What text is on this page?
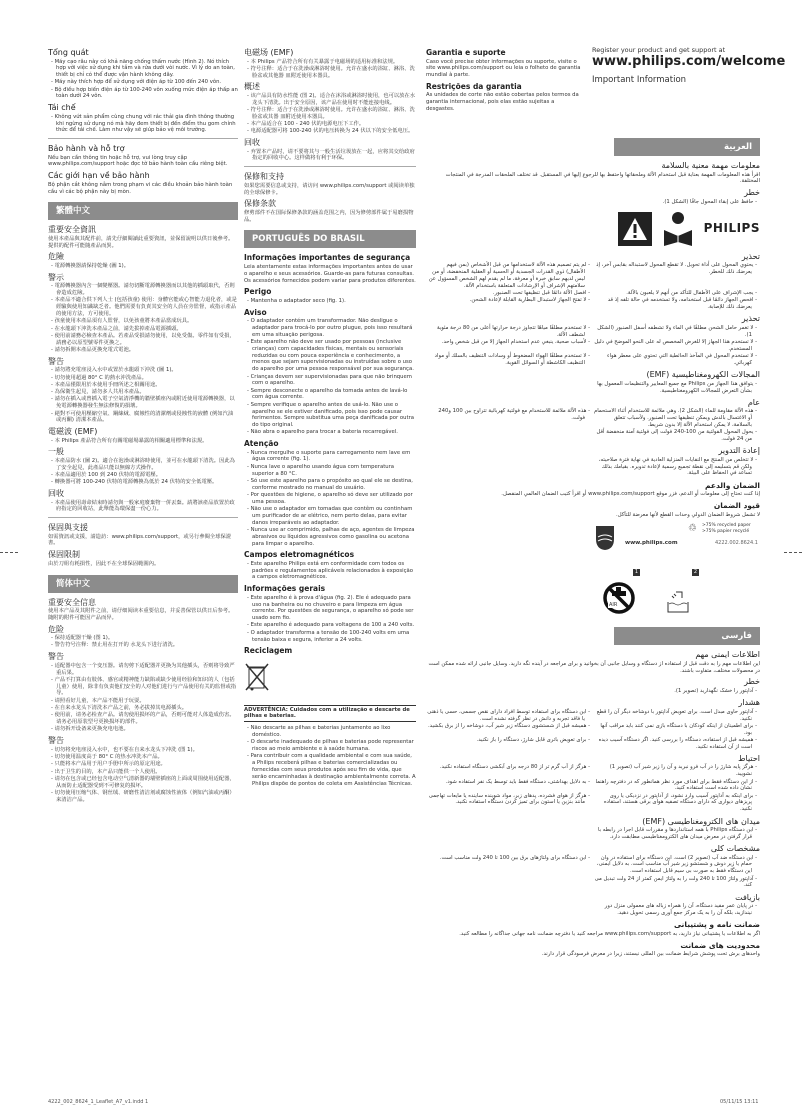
Tổng quát
- Máy cạo râu này có khả năng chống thấm nước (Hình 2). Nó thích hợp với việc sử dụng khi tắm và rửa dưới vòi nước. Vì lý do an toàn, thiết bị chỉ có thể được vận hành không dây.
- Máy này thích hợp để sử dụng với điện áp từ 100 đến 240 vôn.
- Bộ điều hợp biến điện áp từ 100-240 vôn xuống mức điện áp thấp an toàn dưới 24 vôn.
Tái chế
- Không vứt sản phẩm cùng chung với rác thải gia đình thông thường khi ngừng sử dụng nó mà hãy đem thiết bị đến điểm thu gom chính thức để tái chế. Làm như vậy sẽ giúp bảo vệ môi trường.
Bảo hành và hỗ trợ

Nếu bạn cần thông tin hoặc hỗ trợ, vui lòng truy cập www.philips.com/support hoặc đọc tờ bảo hành toàn cầu riêng biệt.

Các giới hạn về bảo hành

Bộ phận cắt không nằm trong phạm vi các điều khoản bảo hành toàn cầu vì các bộ phận này bị mòn.

繁體中文
重要安全資訊

使用本產品與其配件前，請先仔細閱讀此重要資訊，並保留說明以供日後參考。提供的配件可能隨產品而異。

危險
- 電源轉換器請保持乾燥 (圖 1)。
警示
- 電源轉換器內含一個變壓器。請勿切斷電源轉換器而以其他的插頭取代，否則會造成危險。
- 本產品不適合供下列人士 (包括孩童) 使用：身體官能或心智能力退化者，或是經驗與使用知識缺乏者。他們需要有負責其安全的人員在旁監督，或指示產品的使用方法，方可使用。
- 孩童使用本產品須有人監督，以免孩童將本產品當成玩具。
- 在水龍頭下沖洗本產品之前，請先拔掉產品電源插頭。
- 使用前請務必檢查本產品。若產品受損請勿使用，以免受傷。零件如有受損，請務必以原型號零件更換之。
- 請勿拆開本產品更換充電式電池。
警告
- 請勿將充電座浸入水中或置於水龍頭下沖洗 (圖 1)。
- 切勿使用超過 80° C 的熱水沖洗產品。
- 本產品僅限用於本使用手冊所述之相關用途。
- 為保衛生起見，請勿多人共用本產品。
- 請勿在插入或曾插入電子空氣清淨機的牆壁插座內或附近使用電源轉換器，以免電源轉換器發生無法修復的損壞。
- 絕對不可使用壓縮空氣、鋼絲絨、腐蝕性的清潔劑或侵蝕性的液體 (例如汽油或丙酮) 清潔本產品。
電磁波 (EMF)
- 本 Philips 產品符合所有有關電磁場暴露的相關適用標準和法規。
一般
- 本產品防水 (圖 2)。適合在泡澡或淋浴時使用，並可在水龍頭下清洗。因此為了安全起見，此產品只能以無線方式操作。
- 本產品適用於 100 到 240 伏特的電源電壓。
- 轉換器可將 100-240 伏特的電源轉換為低於 24 伏特的安全低電壓。
回收
- 本產品使用壽命結束時請勿與一般家庭廢棄物一併丟棄。請將該產品放置於政府指定的回收站，此舉能為環保盡一份心力。
保固與支援

如需資訊或支援，請造訪：www.philips.com/support，或另行參閱全球保證書。

保固限制

由於刀組有耗損性，因此不在全球保固範圍內。

简体中文
重要安全信息

使用本产品及其附件之前，请仔细阅读本重要信息，并妥善保管以供日后参考。随附的附件可能因产品而异。

危险
- 保持适配器干燥 (图 1)。
- 警告符号注释：禁止用在打开的 水龙头下进行清洗。
警告
- 适配器中包含一个变压器。请勿剪下适配器并更换为其他插头，否则将导致严重后果。
- 产品不打算由有肢体、感官或精神能力缺陷或缺少使用经验和知识的人（包括儿童）使用，除非有负责他们安全的人对他们进行与产品使用有关的监督或指导。
- 请照看好儿童，本产品不能用于玩耍。
- 在自来水龙头下清洗本产品之前，务必拔掉其电源插头。
- 使用前，请务必检查产品。请勿使用损坏的产品，否则可能对人体造成伤害。请务必用原装型号更换损坏的部件。
- 请勿拆开设备来更换充电电池。
警告
- 切勿将充电座浸入水中，也不要在自来水龙头下冲洗 (图 1)。
- 切勿使用温度高于 80° C 的热水冲洗本产品。
- 只能将本产品用于用户手册中所示的原定用途。
- 出于卫生的目的，本产品只能供一个人使用。
- 请勿在包含或已经包含电动空气清新器的墙壁插座的上面或周围使用适配器，从而防止适配器受到不可修复的损坏。
- 切勿使用压缩气体、钢丝绒、研磨性清洁剂或腐蚀性液体（例如汽油或丙酮）来清洁产品。
电磁场 (EMF)
- 本 Philips 产品符合所有有关暴露于电磁场的适用标准和法规。
- 符号注释：适合于在洗澡或淋浴时使用。允许在盛水的浴缸、淋浴、洗脸盆或其他器 皿附近使用本器具。
概述
- 该产品具有防水性能 (图 2)。适合在沐浴或淋浴时使用，也可以放在水龙头下清洗。出于安全原因，该产品在使用时不能连接电线。
- 符号注释：适合于在洗澡或淋浴时使用。允许在盛水的浴缸、淋浴、洗脸盆或其器 皿附近使用本器具。
- 本产品适合在 100 - 240 伏的电源电压下工作。
- 电源适配器可将 100-240 伏的电压转换为 24 伏以下的安全低电压。
回收
- 弃置本产品时，请不要将其与一般生活垃圾放在一起，应将其交给政府指定的回收中心。这样做将有利于环保。
保修和支持

如果您需要信息或支持，请访问 www.philips.com/support 或阅读单独的全球保修卡。

保修条款

修剪部件不在国际保修条款的涵盖范围之内，因为修剪部件属于易磨损物品。

PORTUGUÊS DO BRASIL
Informações importantes de segurança

Leia atentamente estas informações importantes antes de usar o aparelho e seus acessórios. Guarde-as para futuras consultas. Os acessórios fornecidos podem variar para produtos diferentes.

Perigo
- Mantenha o adaptador seco (fig. 1).
Aviso
- O adaptador contém um transformador. Não desligue o adaptador para trocá-lo por outro plugue, pois isso resultará em uma situação perigosa.
- Este aparelho não deve ser usado por pessoas (inclusive crianças) com capacidades físicas, mentais ou sensoriais reduzidas ou com pouca experiência e conhecimento, a menos que sejam supervisionadas ou instruídas sobre o uso do aparelho por uma pessoa responsável por sua segurança.
- Crianças devem ser supervisionadas para que não brinquem com o aparelho.
- Sempre desconecte o aparelho da tomada antes de lavá-lo com água corrente.
- Sempre verifique o aparelho antes de usá-lo. Não use o aparelho se ele estiver danificado, pois isso pode causar ferimentos. Sempre substitua uma peça danificada por outra do tipo original.
- Não abra o aparelho para trocar a bateria recarregável.
Atenção
- Nunca mergulhe o suporte para carregamento nem lave em água corrente (fig. 1).
- Nunca lave o aparelho usando água com temperatura superior a 80 °C.
- Só use este aparelho para o propósito ao qual ele se destina, conforme mostrado no manual do usuário.
- Por questões de higiene, o aparelho só deve ser utilizado por uma pessoa.
- Não use o adaptador em tomadas que contêm ou continham um purificador de ar elétrico, nem perto delas, para evitar danos irreparáveis ao adaptador.
- Nunca use ar comprimido, palhas de aço, agentes de limpeza abrasivos ou líquidos agressivos como gasolina ou acetona para limpar o aparelho.
Campos eletromagnéticos
- Este aparelho Philips está em conformidade com todos os padrões e regulamentos aplicáveis relacionados à exposição a campos eletromagnéticos.
Informações gerais
- Este aparelho é à prova d'água (fig. 2). Ele é adequado para uso na banheira ou no chuveiro e para limpeza em água corrente. Por questões de segurança, o aparelho só pode ser usado sem fio.
- Este aparelho é adequado para voltagens de 100 a 240 volts.
- O adaptador transforma a tensão de 100-240 volts em uma tensão baixa e segura, inferior a 24 volts.
Reciclagem
ADVERTÊNCIA: Cuidados com a utilização e descarte de pilhas e baterias.
- Não descarte as pilhas e baterias juntamente ao lixo doméstico.
- O descarte inadequado de pilhas e baterias pode representar riscos ao meio ambiente e à saúde humana.
- Para contribuir com a qualidade ambiental e com sua saúde, a Philips receberá pilhas e baterias comercializadas ou fornecidas com seus produtos após seu fim de vida, que serão encaminhadas à destinação ambientalmente correta. A Philips dispõe de pontos de coleta em Assistências Técnicas.
Garantia e suporte

Caso você precise obter informações ou suporte, visite o site www.philips.com/support ou leia o folheto de garantia mundial à parte.

Restrições da garantia

As unidades de corte não estão cobertas pelos termos da garantia internacional, pois elas estão sujeitas a desgastes.

Register your product and get support at
www.philips.com/welcome
Important Information
العربية
معلومات مهمة معنية بالسلامة

اقرأ هذه المعلومات المهمة بعناية قبل استخدام الآلة وملحقاتها واحتفظ بها للرجوع إليها في المستقبل. قد تختلف الملحقات المدرجة في المنتجات المختلفة.

خطر
- حافظ على إبقاء المحول جافًا (الشكل 1).
PHILIPS
تحذير
- يحتوي المحول على أداة تحويل. لا تقطع المحول لاستبداله بقابس آخر، إذ يعرضك ذلك للخطر.- لم يتم تصميم هذه الآلة لاستخدامها من قبل الأشخاص (بمن فيهم الأطفال) ذوي القدرات الجسدية أو الحسية أو العقلية المنخفضة، أو من ليس لديهم سابق خبرة أو معرفة، ما لم يقدم لهم الشخص المسؤول عن سلامتهم الإشراف أو الإرشادات المتعلقة باستخدام الآلة.- يجب الإشراف على الأطفال للتأكد من أنهم لا يلعبون بالآلة.- افصل الآلة دائمًا قبل تنظيفها تحت الصنبور.- افحص الجهاز دائمًا قبل استخدامه، ولا تستخدمه في حالة تلفه إذ قد يعرضك ذلك للإصابة.- لا تفتح الجهاز لاستبدال البطارية القابلة لإعادة الشحن.
تحذير
- لا تغمر حامل الشحن مطلقًا في الماء ولا تشطفه أسفل الصنبور (الشكل 1).- لا تستخدم مطلقًا مياهًا تتجاوز درجة حرارتها أعلى من 80 درجة مئوية لشطف الآلة.- لا تستخدم هذا الجهاز إلا للغرض المخصص له على النحو الموضح في دليل المستخدم.- لأسباب صحية، ينبغي عدم استخدام الجهاز إلا من قبل شخص واحد.- لا تستخدم المحول في المآخذ الحائطية التي تحتوي على معطر هواء كهربائي.- لا تستخدم مطلقًا الهواء المضغوط أو وسادات التنظيف بالسلك أو مواد التنظيف الكاشطة أو السوائل القوية.
المجالات الكهرومغناطيسية (EMF)
- يتوافق هذا الجهاز من Philips مع جميع المعايير والتنظيمات المعمول بها بشأن التعرض للمجالات الكهرومغناطيسية.
عام
- هذه الآلة مقاومة للماء (الشكل 2). وهي ملائمة للاستخدام أثناء الاستحمام أو الاغتسال بالدش ويمكن تنظيفها تحت الصنبور. ولأسباب تتعلق بالسلامة، لا يمكن استخدام الآلة إلا بدون شريط.- هذه الآلة ملائمة للاستخدام مع فولتية كهربائية تتراوح بين 100 و240 فولت.- يحول المحول الفولتية من 100-240 فولت إلى فولتية آمنة منخفضة أقل من 24 فولت.
إعادة التدوير
- لا تتخلص من المنتج مع النفايات المنزلية العادية في نهاية فترة صلاحيته، ولكن قم بتسليمه إلى نقطة تجميع رسمية لإعادة تدويره. بقيامك بذلك تساعد في الحفاظ على البيئة.
الضمان والدعم

إذا كنت تحتاج إلى معلومات أو الدعم، فزر موقع www.philips.com/support أو اقرأ كتيب الضمان العالمي المنفصل.

قيود الضمان

لا تشمل شروط الضمان الدولي وحدات القطع لأنها معرضة للتآكل.

www.philips.com
♲ >75% recycled paper
>75% papier recyclé
4222.002.8624.1
1	2
AIR
فارسی
اطلاعات ایمنی مهم

این اطلاعات مهم را به دقت قبل از استفاده از دستگاه و وسایل جانبی آن بخوانید و برای مراجعه در آینده نگه دارید. وسایل جانبی ارائه شده ممکن است در محصولات مختلف، متفاوت باشند.

خطر
- آداپتور را خشک نگهدارید (تصویر 1).
هشدار
- آداپتور حاوی مبدل است. برای تعویض آداپتور با دوشاخه دیگر آن را قطع نکنید.- این دستگاه برای استفاده توسط افراد دارای نقص جسمی، حسی یا ذهنی یا فاقد تجربه و دانش در نظر گرفته نشده است.- برای اطمینان از اینکه کودکان با دستگاه بازی نمی کنند باید مراقب آنها بود.- همیشه قبل از شستشوی دستگاه زیر شیر آب، دوشاخه را از برق بکشید.- همیشه قبل از استفاده، دستگاه را بررسی کنید. اگر دستگاه آسیب دیده است از آن استفاده نکنید.- برای تعویض باتری قابل شارژ، دستگاه را باز نکنید.
احتیاط
- هرگز پایه شارژ را در آب فرو نبرید و آن را زیر شیر آب (تصویر 1) نشویید.- هرگز از آب گرم تر از 80 درجه برای آبکشی دستگاه استفاده نکنید.- از این دستگاه فقط برای اهداف مورد نظر همانطور که در دفترچه راهنما نشان داده شده است استفاده کنید.- به دلایل بهداشتی، دستگاه فقط باید توسط یک نفر استفاده شود.- برای اینکه به آداپتور آسیب وارد نشود، از آداپتور در نزدیکی یا روی پریزهای دیواری که دارای دستگاه تصفیه هوای برقی هستند، استفاده نکنید.- هرگز از هوای فشرده، پدهای زبر، مواد شوینده ساینده یا مایعات تهاجمی مانند بنزین یا استون برای تمیز کردن دستگاه استفاده نکنید.
میدان های الکترومغناطیسی (EMF)
- این دستگاه Philips با همه استانداردها و مقررات قابل اجرا در رابطه با قرار گرفتن در معرض میدان های الکترومغناطیسی مطابقت دارد.
مشخصات کلی
- این دستگاه ضد آب (تصویر 2) است. این دستگاه برای استفاده در وان حمام یا زیر دوش و شستشو زیر شیر آب مناسب است. به دلایل ایمنی، این دستگاه فقط به صورت بی سیم قابل استفاده است.- این دستگاه برای ولتاژهای برق بین 100 تا 240 ولت مناسب است.- آداپتور ولتاژ 100 تا 240 ولت را به ولتاژ ایمن کمتر از 24 ولت تبدیل می کند.
بازیافت
- در پایان عمر مفید دستگاه، آن را همراه زباله های معمولی منزل دور نیندازید، بلکه آن را به یک مرکز جمع آوری رسمی تحویل دهید.
ضمانت نامه و پشتیبانی

اگر به اطلاعات یا پشتیبانی نیاز دارید، به www.philips.com/support مراجعه کنید یا دفترچه ضمانت نامه جهانی جداگانه را مطالعه کنید.

محدودیت های ضمانت

واحدهای برش تحت پوشش شرایط ضمانت بین المللی نیستند، زیرا در معرض فرسودگی قرار دارند.

4222_002_8624_1_Leaflet_A7_v1.indd 1	05/11/15 13:11
